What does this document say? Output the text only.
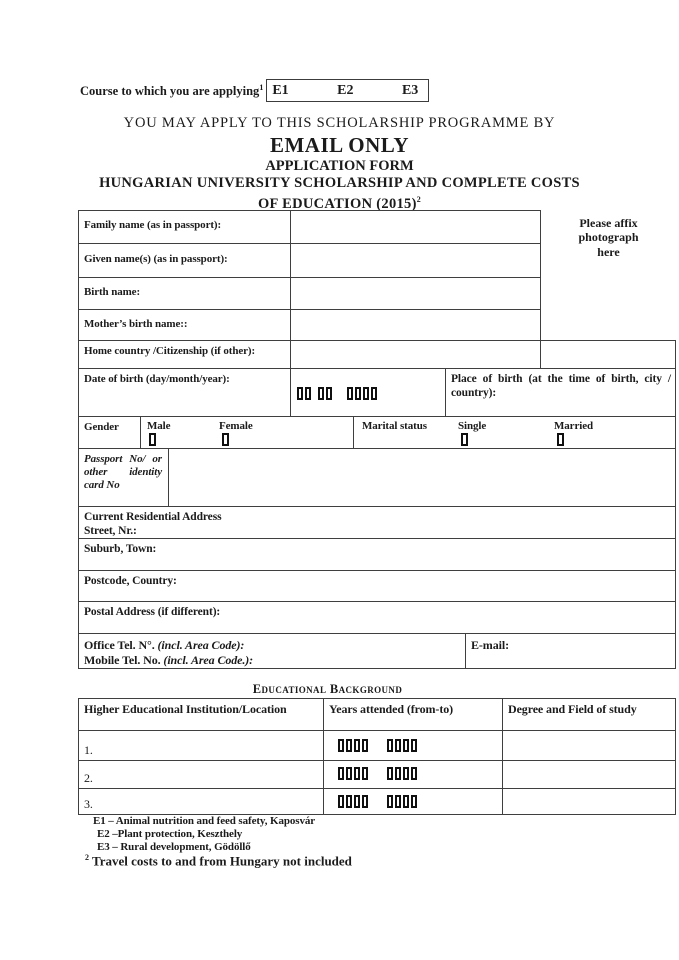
Course to which you are applying$^1$ E1	E2	E3
YOU MAY APPLY TO THIS SCHOLARSHIP PROGRAMME BY
EMAIL ONLY
APPLICATION FORM
HUNGARIAN UNIVERSITY SCHOLARSHIP AND COMPLETE COSTS
OF EDUCATION $(2015)^2$
Please affix photograph here
Family name (as in passport):
Given name(s) (as in passport):
Birth name:
Mother’s birth name::
Home country /Citizenship (if other):
Date of birth (day/month/year):	Place of birth (at the time of birth, city / country):
Gender	Male	Female	Marital status	Single	Married
Passport No/ or other identity card No
Current Residential Address
Street, Nr.:
Suburb, Town:
Postcode, Country:
Postal Address (if different):
Office Tel. N°. (incl. Area Code):
Mobile Tel. No. (incl. Area Code.):
E-mail:
Educational Background
Higher Educational Institution/Location	Years attended (from-to)	Degree and Field of study
1.
2.
3.
E1 – Animal nutrition and feed safety, Kaposvár
E2 –Plant protection, Keszthely
E3 – Rural development, Gödöllő
$^2$ Travel costs to and from Hungary not included
